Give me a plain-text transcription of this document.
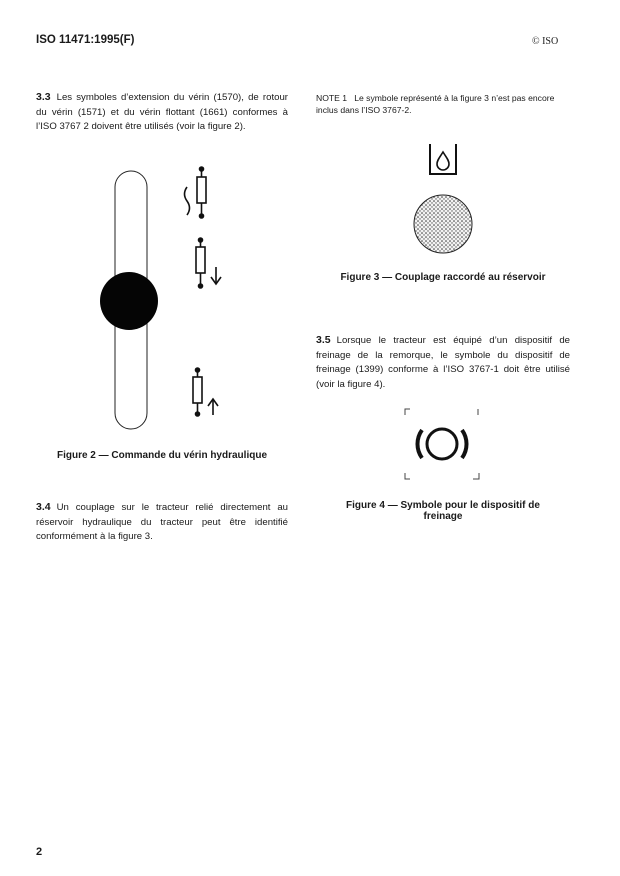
ISO 11471:1995(F)	© ISO
3.3 Les symboles d’extension du vérin (1570), de rotour du vérin (1571) et du vérin flottant (1661) conformes à l’ISO 3767 2 doivent être utilisés (voir la figure 2).
Figure 2 — Commande du vérin hydraulique
3.4 Un couplage sur le tracteur relié directement au réservoir hydraulique du tracteur peut être identifié conformément à la figure 3.
NOTE 1 Le symbole représenté à la figure 3 n’est pas encore inclus dans l’ISO 3767-2.
Figure 3 — Couplage raccordé au réservoir
3.5 Lorsque le tracteur est équipé d’un dispositif de freinage de la remorque, le symbole du dispositif de freinage (1399) conforme à l’ISO 3767-1 doit être utilisé (voir la figure 4).
Figure 4 — Symbole pour le dispositif de
freinage
2
